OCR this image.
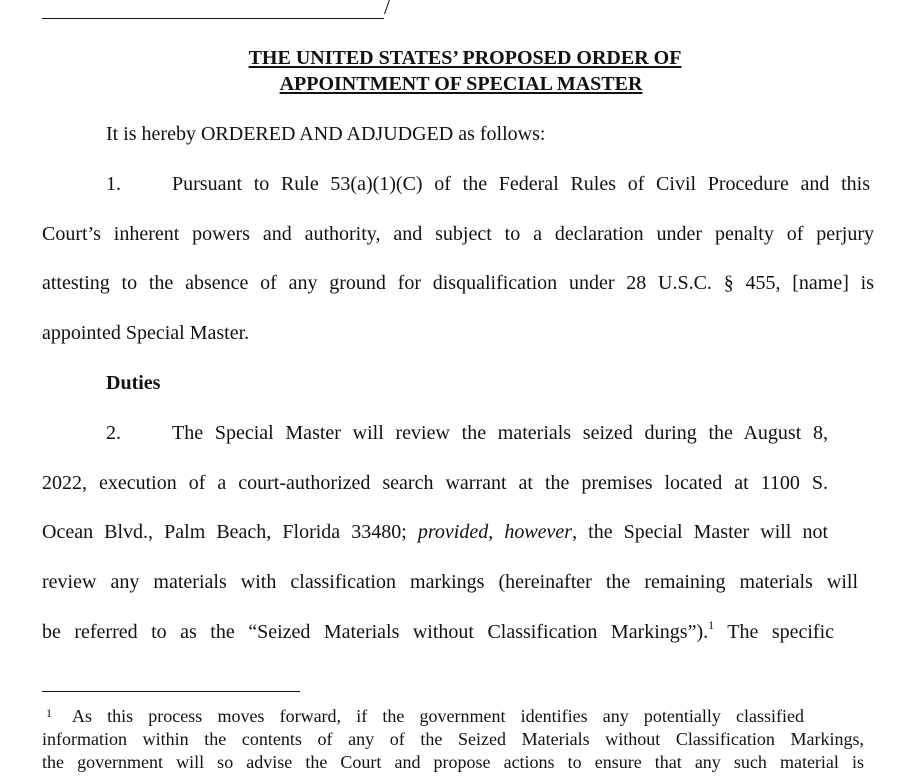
/
THE UNITED STATES’ PROPOSED ORDER OF
APPOINTMENT OF SPECIAL MASTER
It is hereby ORDERED AND ADJUDGED as follows:
1.	Pursuant to Rule 53(a)(1)(C) of the Federal Rules of Civil Procedure and this
Court’s inherent powers and authority, and subject to a declaration under penalty of perjury
attesting to the absence of any ground for disqualification under 28 U.S.C. § 455, [name] is
appointed Special Master.
Duties
2.	The Special Master will review the materials seized during the August 8,
2022, execution of a court-authorized search warrant at the premises located at 1100 S.
Ocean Blvd., Palm Beach, Florida 33480; provided, however, the Special Master will not
review any materials with classification markings (hereinafter the remaining materials will
be referred to as the “Seized Materials without Classification Markings”).$^1$ The specific
1 As this process moves forward, if the government identifies any potentially classified
information within the contents of any of the Seized Materials without Classification Markings,
the government will so advise the Court and propose actions to ensure that any such material is
